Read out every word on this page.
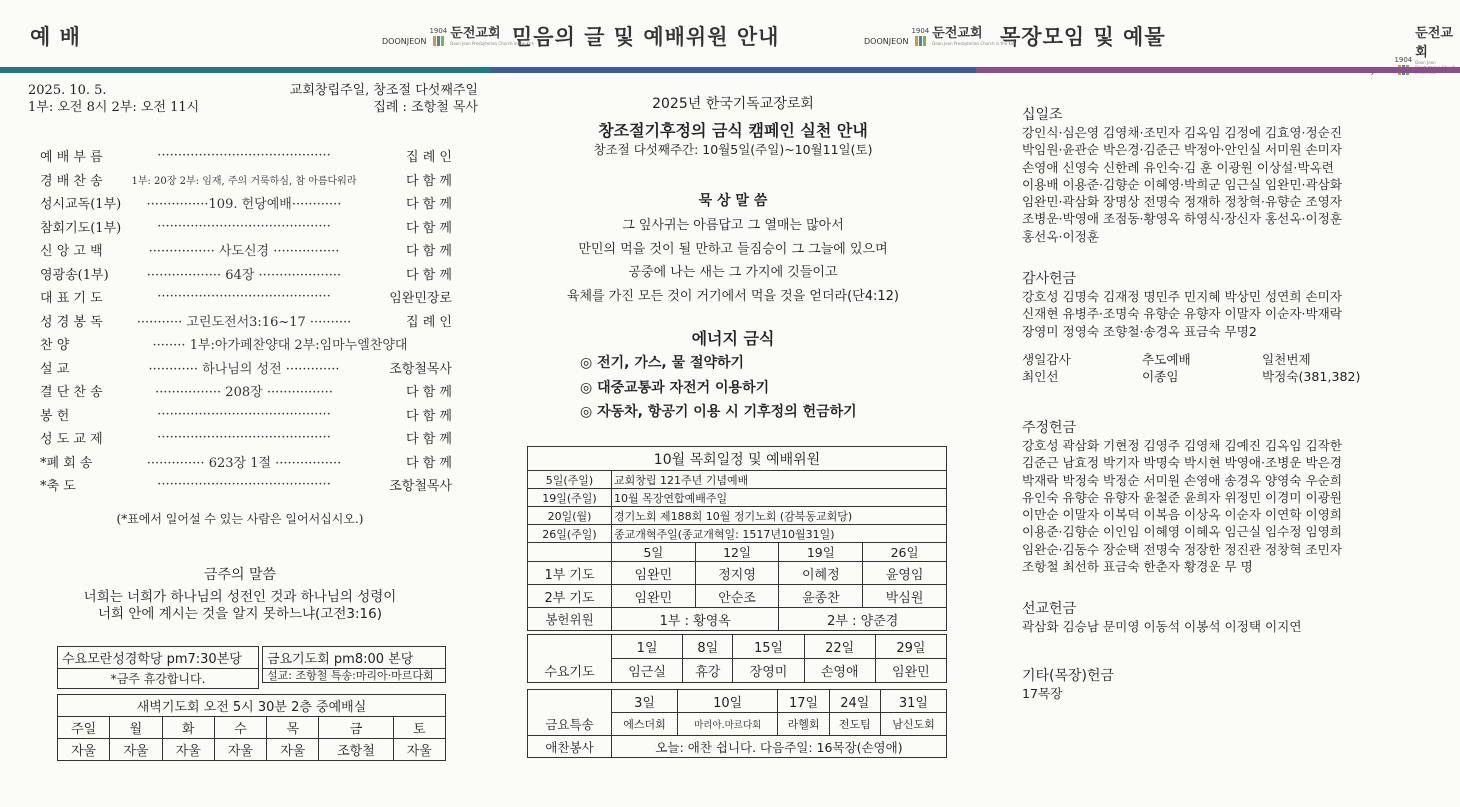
예 배	믿음의 글 및 예배위원 안내	목장모임 및 예물
DOONJEON
1904 둔전교회
Doon Jeon Presbyterian Church in the Kirk	DOONJEON
1904 둔전교회
Doon Jeon Presbyterian Church in the Kirk
1904
둔전교회
Doon Jeon
2025. 10. 5.	교회창립주일, 창조절 다섯째주일
1부: 오전 8시 2부: 오전 11시	집례 : 조항철 목사
예 배 부 름	··········································	집 례 인
경 배 찬 송	1부: 20장 2부: 임재, 주의 거룩하심, 참 아름다워라	다 함 께
성시교독(1부)	···············109. 헌당예배············	다 함 께
참회기도(1부)	··········································	다 함 께
신 앙 고 백	················ 사도신경 ················	다 함 께
영광송(1부)	·················· 64장 ····················	다 함 께
대 표 기 도	··········································	임완민장로
성 경 봉 독	··········· 고린도전서3:16~17 ··········	집 례 인
찬 양	········ 1부:아가페찬양대 2부:임마누엘찬양대
설 교	············ 하나님의 성전 ·············	조항철목사
결 단 찬 송	················ 208장 ················	다 함 께
봉 헌	··········································	다 함 께
성 도 교 제	··········································	다 함 께
*폐 회 송	·············· 623장 1절 ················	다 함 께
*축 도	··········································	조항철목사
(*표에서 일어설 수 있는 사람은 일어서십시오.)
금주의 말씀
너희는 너희가 하나님의 성전인 것과 하나님의 성령이
너희 안에 계시는 것을 알지 못하느냐(고전3:16)
수요모란성경학당 pm7:30본당
*금주 휴강합니다.
금요기도회 pm8:00 본당
설교: 조항철 특송:마리아·마르다회
새벽기도회 오전 5시 30분 2층 중예배실						
주일	월	화	수	목	금	토
자울	자울	자울	자울	자울	조항철	자울
2025년 한국기독교장로회
창조절기후정의 금식 캠페인 실천 안내
창조절 다섯째주간: 10월5일(주일)~10월11일(토)
묵 상 말 씀
그 잎사귀는 아름답고 그 열매는 많아서
만민의 먹을 것이 될 만하고 들짐승이 그 그늘에 있으며
공중에 나는 새는 그 가지에 깃들이고
육체를 가진 모든 것이 거기에서 먹을 것을 얻더라(단4:12)
에너지 금식
◎ 전기, 가스, 물 절약하기
◎ 대중교통과 자전거 이용하기
◎ 자동차, 항공기 이용 시 기후정의 헌금하기
10월 목회일정 및 예배위원				
5일(주일)	교회창립 121주년 기념예배			
19일(주일)	10월 목장연합예배주일			
20일(월)	경기노회 제188회 10월 정기노회 (감북동교회당)			
26일(주일)	종교개혁주일(종교개혁일: 1517년10월31일)			
	5일	12일	19일	26일
1부 기도	임완민	정지영	이혜정	윤영임
2부 기도	임완민	안순조	윤종찬	박심원
봉헌위원	1부 : 황영옥		2부 : 양준경	
	1일	8일	15일	22일	29일
수요기도	임근실	휴강	장영미	손영애	임완민
	3일	10일	17일	24일	31일
금요특송	에스더회	마리아.마르다회	라헬회	전도팀	남신도회
애찬봉사	오늘: 애찬 쉽니다. 다음주일: 16목장(손영애)				
십일조
강인식·심은영 김영채·조민자 김옥임 김정에 김효영·정순진
박임원·윤관순 박은경·김준근 박정아·안인실 서미원 손미자
손영애 신영숙 신한례 유인숙·김 훈 이광원 이상설·박옥련
이용배 이용준·김향순 이혜영·박희군 임근실 임완민·곽삼화
임완민·곽삼화 장명상 전명숙 정재하 정창혁·유향순 조영자
조병운·박영애 조점동·황영옥 하영식·장신자 홍선옥·이정훈
홍선옥·이정훈
감사헌금
강호성 김명숙 김재정 명민주 민지혜 박상민 성연희 손미자
신재현 유병주·조명숙 유향순 유향자 이말자 이순자·박재락
장영미 정영숙 조향철·송경옥 표금숙 무명2
생일감사	추도예배	일천번제
최인선	이종임	박정숙(381,382)
주정헌금
강호성 곽삼화 기현정 김영주 김영채 김예진 김옥임 김작한
김준근 남효정 박기자 박명숙 박시현 박영애·조병운 박은경
박재락 박정숙 박정순 서미원 손영애 송경옥 양영숙 우순희
유인숙 유향순 유향자 윤철준 윤희자 위정민 이경미 이광원
이만순 이말자 이복덕 이복음 이상옥 이순자 이연학 이영희
이용준·김향순 이인임 이혜영 이혜옥 임근실 임수정 임영희
임완순·김동수 장순택 전명숙 정장한 정진관 정창혁 조민자
조항철 최선하 표금숙 한춘자 황경운 무 명
선교헌금
곽삼화 김승남 문미영 이동석 이봉석 이정택 이지연
기타(목장)헌금
17목장
